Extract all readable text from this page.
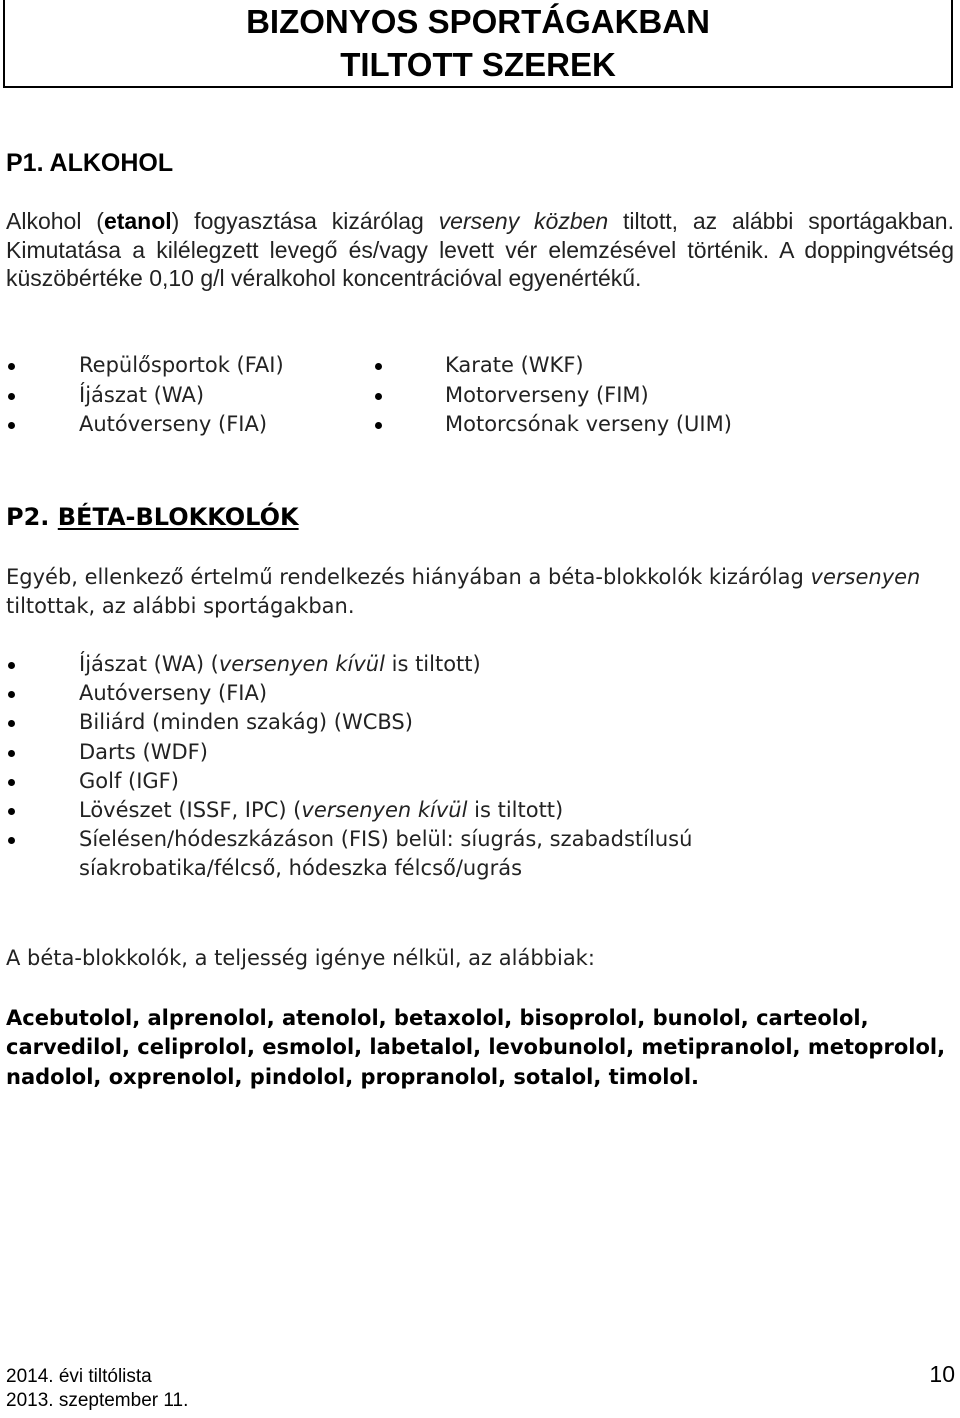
BIZONYOS SPORTÁGAKBAN
TILTOTT SZEREK
P1. ALKOHOL

Alkohol (etanol) fogyasztása kizárólag verseny közben tiltott, az alábbi sportágakban. Kimutatása a kilélegzett levegő és/vagy levett vér elemzésével történik. A doppingvétség küszöbértéke 0,10 g/l véralkohol koncentrációval egyenértékű.

Repülősportok (FAI)
Íjászat (WA)
Autóverseny (FIA)
Karate (WKF)
Motorverseny (FIM)
Motorcsónak verseny (UIM)
P2. BÉTA-BLOKKOLÓK

Egyéb, ellenkező értelmű rendelkezés hiányában a béta-blokkolók kizárólag versenyen tiltottak, az alábbi sportágakban.

Íjászat (WA) (versenyen kívül is tiltott)
Autóverseny (FIA)
Biliárd (minden szakág) (WCBS)
Darts (WDF)
Golf (IGF)
Lövészet (ISSF, IPC) (versenyen kívül is tiltott)
Síelésen/hódeszkázáson (FIS) belül: síugrás, szabadstílusú síakrobatika/félcső, hódeszka félcső/ugrás

A béta-blokkolók, a teljesség igénye nélkül, az alábbiak:

Acebutolol, alprenolol, atenolol, betaxolol, bisoprolol, bunolol, carteolol, carvedilol, celiprolol, esmolol, labetalol, levobunolol, metipranolol, metoprolol, nadolol, oxprenolol, pindolol, propranolol, sotalol, timolol.

2014. évi tiltólista
2013. szeptember 11.
10
